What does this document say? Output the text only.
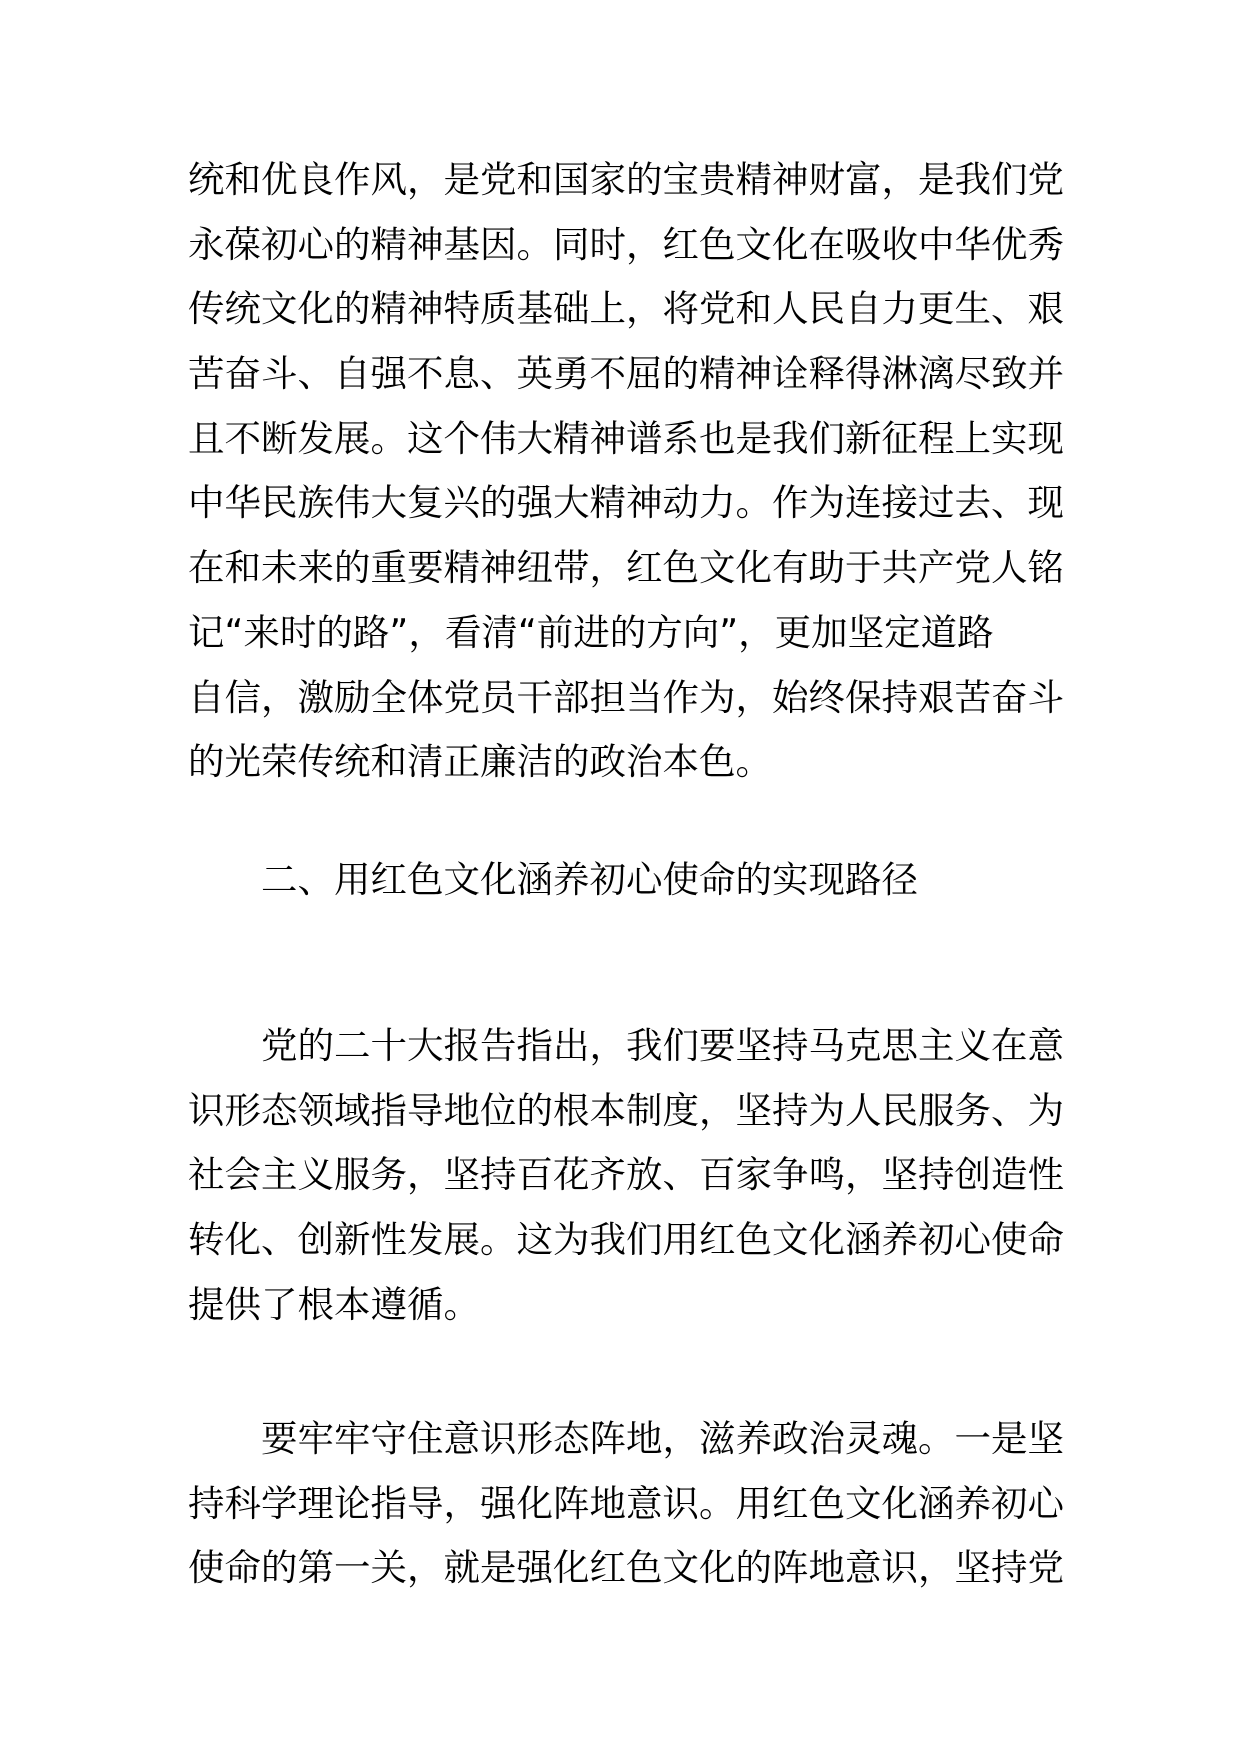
统和优良作风，是党和国家的宝贵精神财富，是我们党
永葆初心的精神基因。同时，红色文化在吸收中华优秀
传统文化的精神特质基础上，将党和人民自力更生、艰
苦奋斗、自强不息、英勇不屈的精神诠释得淋漓尽致并
且不断发展。这个伟大精神谱系也是我们新征程上实现
中华民族伟大复兴的强大精神动力。作为连接过去、现
在和未来的重要精神纽带，红色文化有助于共产党人铭
记“来时的路”，看清“前进的方向”，更加坚定道路
自信，激励全体党员干部担当作为，始终保持艰苦奋斗
的光荣传统和清正廉洁的政治本色。
二、用红色文化涵养初心使命的实现路径
党的二十大报告指出，我们要坚持马克思主义在意
识形态领域指导地位的根本制度，坚持为人民服务、为
社会主义服务，坚持百花齐放、百家争鸣，坚持创造性
转化、创新性发展。这为我们用红色文化涵养初心使命
提供了根本遵循。
要牢牢守住意识形态阵地，滋养政治灵魂。一是坚
持科学理论指导，强化阵地意识。用红色文化涵养初心
使命的第一关，就是强化红色文化的阵地意识，坚持党
